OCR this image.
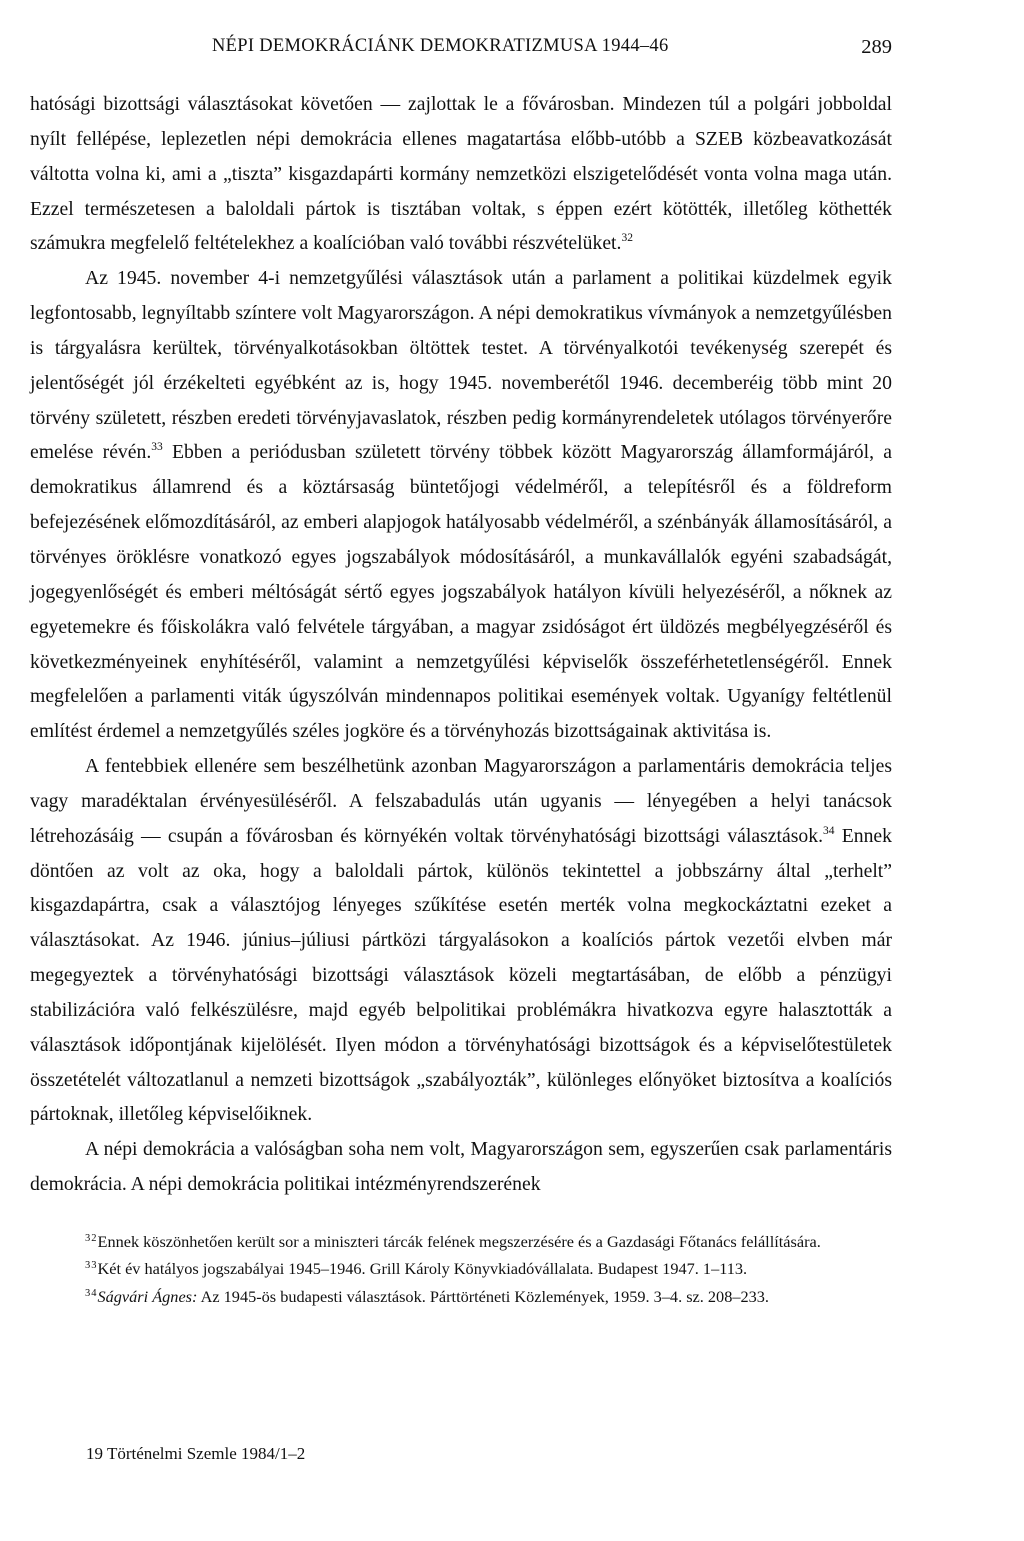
NÉPI DEMOKRÁCIÁNK DEMOKRATIZMUSA 1944–46	289

hatósági bizottsági választásokat követően — zajlottak le a fővárosban. Mindezen túl a polgári jobboldal nyílt fellépése, leplezetlen népi demokrácia ellenes magatartása előbb-utóbb a SZEB közbeavatkozását váltotta volna ki, ami a „tiszta” kisgazdapárti kormány nemzetközi elszigetelődését vonta volna maga után. Ezzel természetesen a baloldali pártok is tisztában voltak, s éppen ezért kötötték, illetőleg köthették számukra megfelelő feltételekhez a koalícióban való további részvételüket.$^{32}$

Az 1945. november 4-i nemzetgyűlési választások után a parlament a politikai küzdelmek egyik legfontosabb, legnyíltabb színtere volt Magyarországon. A népi demokratikus vívmányok a nemzetgyűlésben is tárgyalásra kerültek, törvényalkotásokban öltöttek testet. A törvényalkotói tevékenység szerepét és jelentőségét jól érzékelteti egyébként az is, hogy 1945. novemberétől 1946. decemberéig több mint 20 törvény született, részben eredeti törvényjavaslatok, részben pedig kormányrendeletek utólagos törvényerőre emelése révén.$^{33}$ Ebben a periódusban született törvény többek között Magyarország államformájáról, a demokratikus államrend és a köztársaság büntetőjogi védelméről, a telepítésről és a földreform befejezésének előmozdításáról, az emberi alapjogok hatályosabb védelméről, a szénbányák államosításáról, a törvényes öröklésre vonatkozó egyes jogszabályok módosításáról, a munkavállalók egyéni szabadságát, jogegyenlőségét és emberi méltóságát sértő egyes jogszabályok hatályon kívüli helyezéséről, a nőknek az egyetemekre és főiskolákra való felvétele tárgyában, a magyar zsidóságot ért üldözés megbélyegzéséről és következményeinek enyhítéséről, valamint a nemzetgyűlési képviselők összeférhetetlenségéről. Ennek megfelelően a parlamenti viták úgyszólván mindennapos politikai események voltak. Ugyanígy feltétlenül említést érdemel a nemzetgyűlés széles jogköre és a törvényhozás bizottságainak aktivitása is.

A fentebbiek ellenére sem beszélhetünk azonban Magyarországon a parlamentáris demokrácia teljes vagy maradéktalan érvényesüléséről. A felszabadulás után ugyanis — lényegében a helyi tanácsok létrehozásáig — csupán a fővárosban és környékén voltak törvényhatósági bizottsági választások.$^{34}$ Ennek döntően az volt az oka, hogy a baloldali pártok, különös tekintettel a jobbszárny által „terhelt” kisgazdapártra, csak a választójog lényeges szűkítése esetén merték volna megkockáztatni ezeket a választásokat. Az 1946. június–júliusi pártközi tárgyalásokon a koalíciós pártok vezetői elvben már megegyeztek a törvényhatósági bizottsági választások közeli megtartásában, de előbb a pénzügyi stabilizációra való felkészülésre, majd egyéb belpolitikai problémákra hivatkozva egyre halasztották a választások időpontjának kijelölését. Ilyen módon a törvényhatósági bizottságok és a képviselőtestületek összetételét változatlanul a nemzeti bizottságok „szabályozták”, különleges előnyöket biztosítva a koalíciós pártoknak, illetőleg képviselőiknek.

A népi demokrácia a valóságban soha nem volt, Magyarországon sem, egyszerűen csak parlamentáris demokrácia. A népi demokrácia politikai intézményrendszerének

$^{32}$Ennek köszönhetően került sor a miniszteri tárcák felének megszerzésére és a Gazdasági Főtanács felállítására.

$^{33}$Két év hatályos jogszabályai 1945–1946. Grill Károly Könyvkiadóvállalata. Budapest 1947. 1–113.

$^{34}$Ságvári Ágnes: Az 1945-ös budapesti választások. Párttörténeti Közlemények, 1959. 3–4. sz. 208–233.

19 Történelmi Szemle 1984/1–2
